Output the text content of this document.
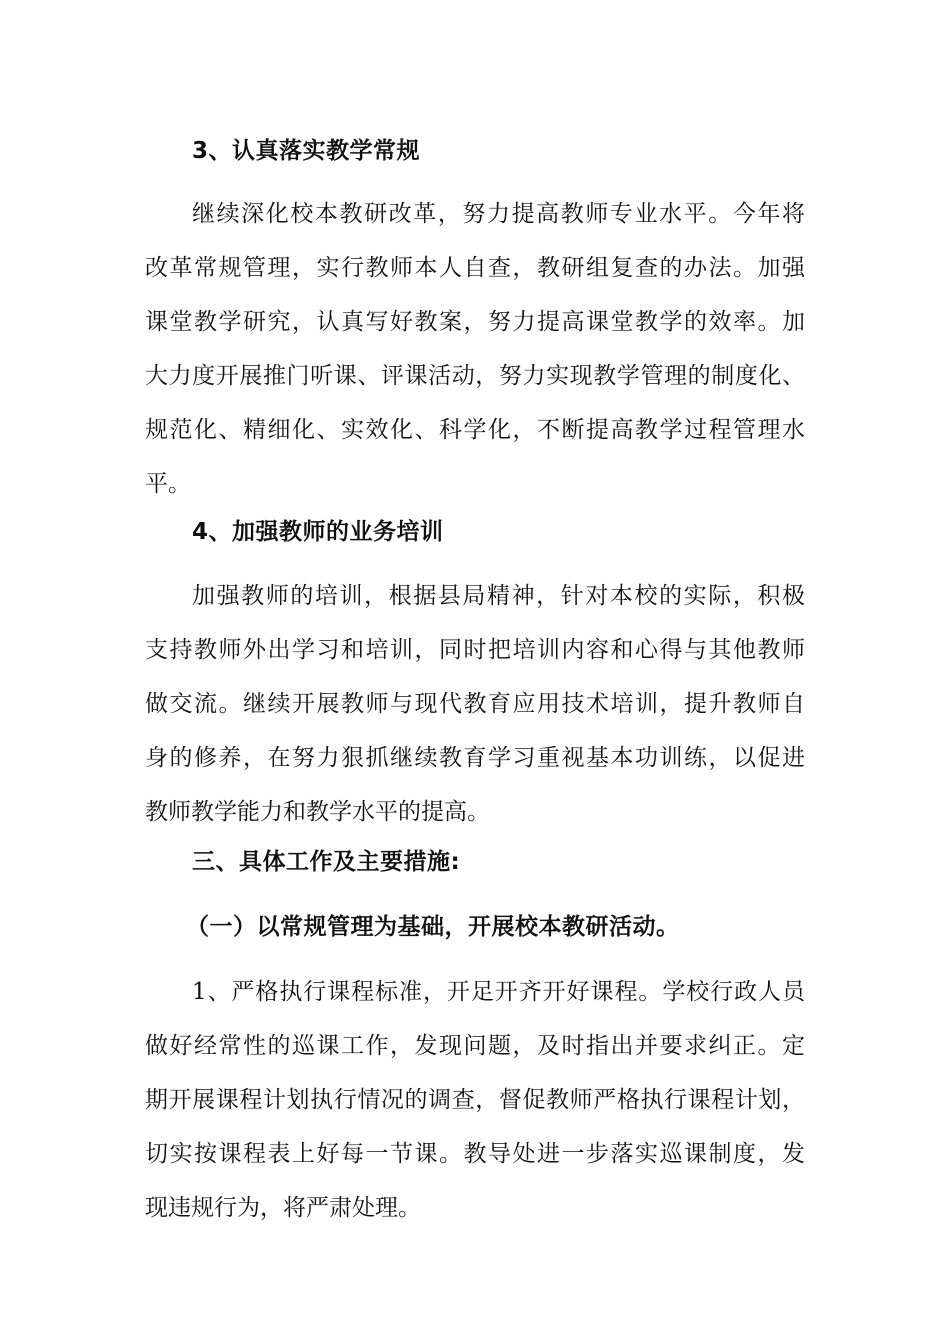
3、认真落实教学常规
继续深化校本教研改革，努力提高教师专业水平。今年将
改革常规管理，实行教师本人自查，教研组复查的办法。加强
课堂教学研究，认真写好教案，努力提高课堂教学的效率。加
大力度开展推门听课、评课活动，努力实现教学管理的制度化、
规范化、精细化、实效化、科学化，不断提高教学过程管理水
平。
4、加强教师的业务培训
加强教师的培训，根据县局精神，针对本校的实际，积极
支持教师外出学习和培训，同时把培训内容和心得与其他教师
做交流。继续开展教师与现代教育应用技术培训，提升教师自
身的修养，在努力狠抓继续教育学习重视基本功训练，以促进
教师教学能力和教学水平的提高。
三、具体工作及主要措施:
（一）以常规管理为基础，开展校本教研活动。
1、严格执行课程标准，开足开齐开好课程。学校行政人员
做好经常性的巡课工作，发现问题，及时指出并要求纠正。定
期开展课程计划执行情况的调查，督促教师严格执行课程计划，
切实按课程表上好每一节课。教导处进一步落实巡课制度，发
现违规行为，将严肃处理。
